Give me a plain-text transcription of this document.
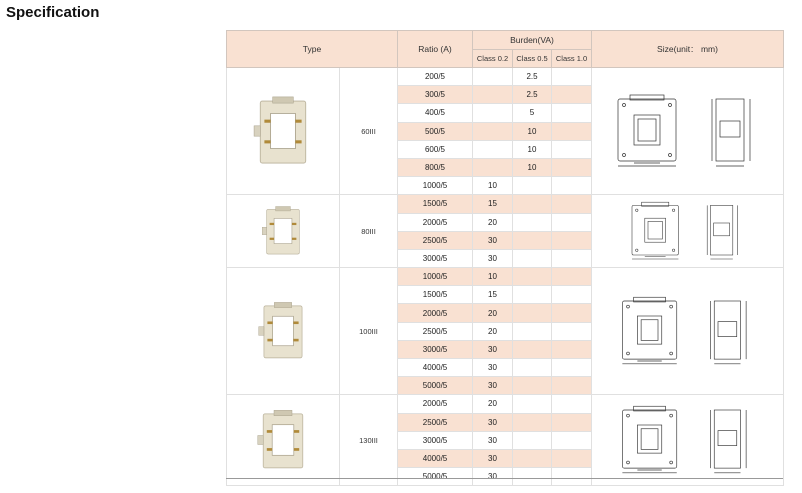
Specification
Type		Ratio (A)	Burden(VA)			Size(unit： mm)
			Class 0.2	Class 0.5	Class 1.0	

	60III	200/5		2.5		

		300/5		2.5		
		400/5		5		
		500/5		10		
		600/5		10		
		800/5		10		
		1000/5	10			

	80III	1500/5	15			

		2000/5	20			
		2500/5	30			
		3000/5	30			

	100III	1000/5	10			

		1500/5	15			
		2000/5	20			
		2500/5	20			
		3000/5	30			
		4000/5	30			
		5000/5	30			

	130III	2000/5	20			

		2500/5	30			
		3000/5	30			
		4000/5	30			
		5000/5	30			
